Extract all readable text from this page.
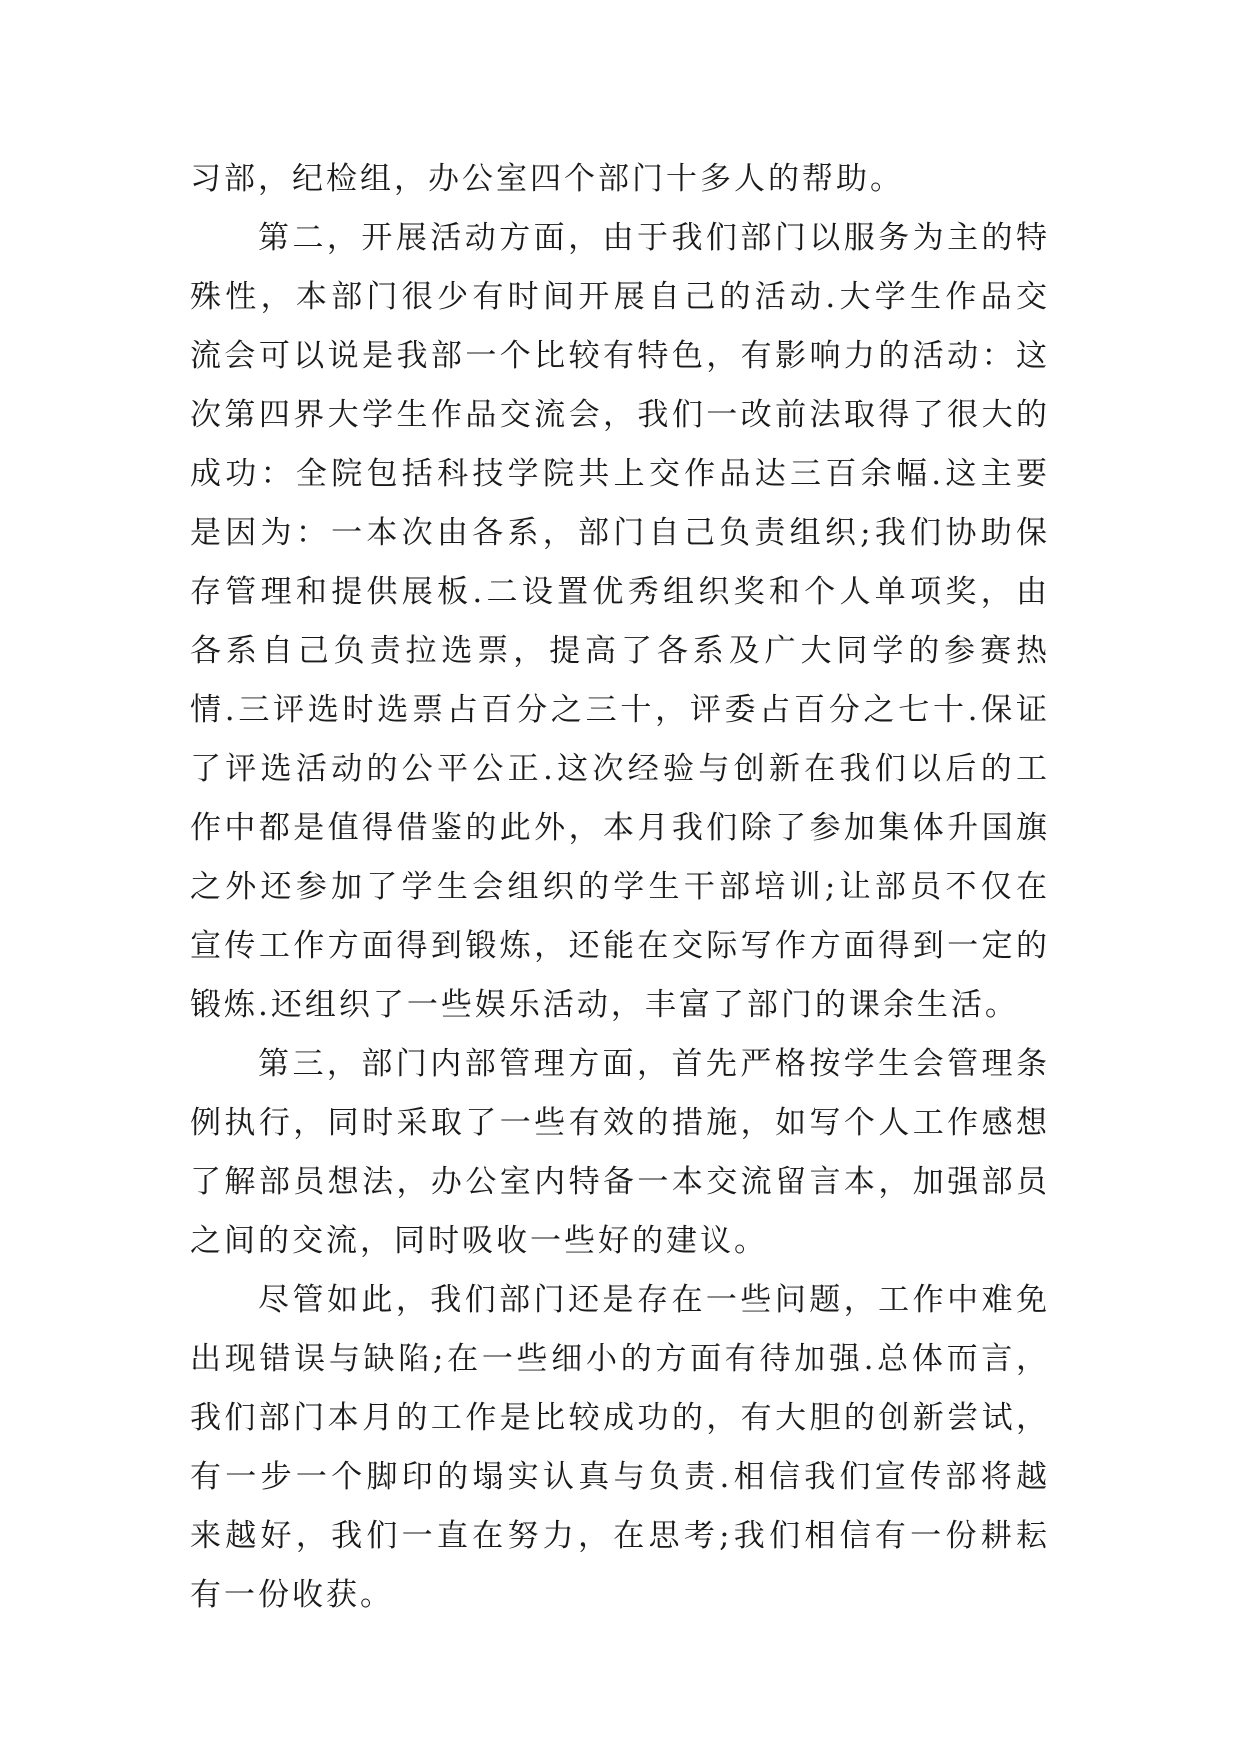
习部，纪检组，办公室四个部门十多人的帮助。

第二，开展活动方面，由于我们部门以服务为主的特殊性，本部门很少有时间开展自己的活动.大学生作品交流会可以说是我部一个比较有特色，有影响力的活动：这次第四界大学生作品交流会，我们一改前法取得了很大的成功：全院包括科技学院共上交作品达三百余幅.这主要是因为：一本次由各系，部门自己负责组织;我们协助保存管理和提供展板.二设置优秀组织奖和个人单项奖，由各系自己负责拉选票，提高了各系及广大同学的参赛热情.三评选时选票占百分之三十，评委占百分之七十.保证了评选活动的公平公正.这次经验与创新在我们以后的工作中都是值得借鉴的此外，本月我们除了参加集体升国旗之外还参加了学生会组织的学生干部培训;让部员不仅在宣传工作方面得到锻炼，还能在交际写作方面得到一定的锻炼.还组织了一些娱乐活动，丰富了部门的课余生活。

第三，部门内部管理方面，首先严格按学生会管理条例执行，同时采取了一些有效的措施，如写个人工作感想了解部员想法，办公室内特备一本交流留言本，加强部员之间的交流，同时吸收一些好的建议。

尽管如此，我们部门还是存在一些问题，工作中难免出现错误与缺陷;在一些细小的方面有待加强.总体而言，我们部门本月的工作是比较成功的，有大胆的创新尝试，有一步一个脚印的塌实认真与负责.相信我们宣传部将越来越好，我们一直在努力，在思考;我们相信有一份耕耘有一份收获。
